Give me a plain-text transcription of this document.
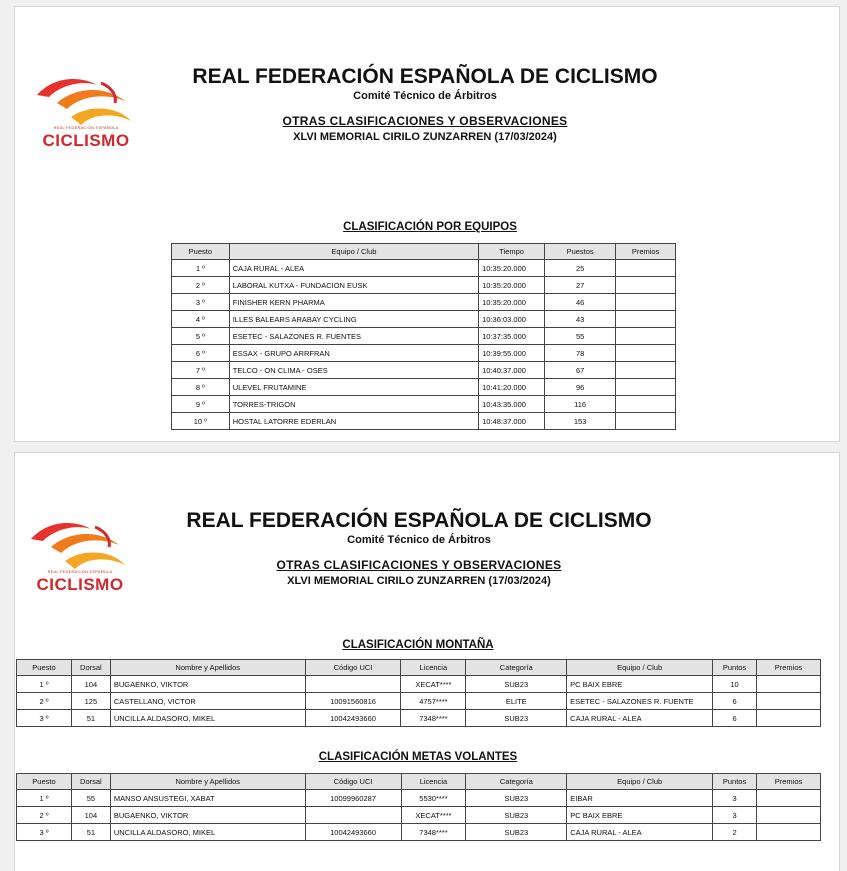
REAL FEDERACIÓN ESPAÑOLA
CICLISMO
REAL FEDERACIÓN ESPAÑOLA DE CICLISMO
Comité Técnico de Árbitros
OTRAS CLASIFICACIONES Y OBSERVACIONES
XLVI MEMORIAL CIRILO ZUNZARREN (17/03/2024)
CLASIFICACIÓN POR EQUIPOS
Puesto	Equipo / Club	Tiempo	Puestos	Premios
1 º	CAJA RURAL - ALEA	10:35:20.000	25	
2 º	LABORAL KUTXA - FUNDACION EUSK	10:35:20.000	27	
3 º	FINISHER KERN PHARMA	10:35:20.000	46	
4 º	ILLES BALEARS ARABAY CYCLING	10:36:03.000	43	
5 º	ESETEC - SALAZONES R. FUENTES	10:37:35.000	55	
6 º	ESSAX - GRUPO ARRFRAN	10:39:55.000	78	
7 º	TELCO - ON CLIMA - OSES	10:40:37.000	67	
8 º	ULEVEL FRUTAMINE	10:41:20.000	96	
9 º	TORRES-TRIGON	10:43:35.000	116	
10 º	HOSTAL LATORRE EDERLAN	10:48:37.000	153	
REAL FEDERACIÓN ESPAÑOLA
CICLISMO
REAL FEDERACIÓN ESPAÑOLA DE CICLISMO
Comité Técnico de Árbitros
OTRAS CLASIFICACIONES Y OBSERVACIONES
XLVI MEMORIAL CIRILO ZUNZARREN (17/03/2024)
CLASIFICACIÓN MONTAÑA
Puesto	Dorsal	Nombre y Apellidos	Código UCI	Licencia	Categoría	Equipo / Club	Puntos	Premios
1 º	104	BUGAENKO, VIKTOR		XECAT****	SUB23	PC BAIX EBRE	10	
2 º	125	CASTELLANO, VICTOR	10091560816	4757****	ELITE	ESETEC - SALAZONES R. FUENTE	6	
3 º	51	UNCILLA ALDASORO, MIKEL	10042493660	7348****	SUB23	CAJA RURAL - ALEA	6	
CLASIFICACIÓN METAS VOLANTES
Puesto	Dorsal	Nombre y Apellidos	Código UCI	Licencia	Categoría	Equipo / Club	Puntos	Premios
1 º	55	MANSO ANSUSTEGI, XABAT	10099960287	5530****	SUB23	EIBAR	3	
2 º	104	BUGAENKO, VIKTOR		XECAT****	SUB23	PC BAIX EBRE	3	
3 º	51	UNCILLA ALDASORO, MIKEL	10042493660	7348****	SUB23	CAJA RURAL - ALEA	2	
